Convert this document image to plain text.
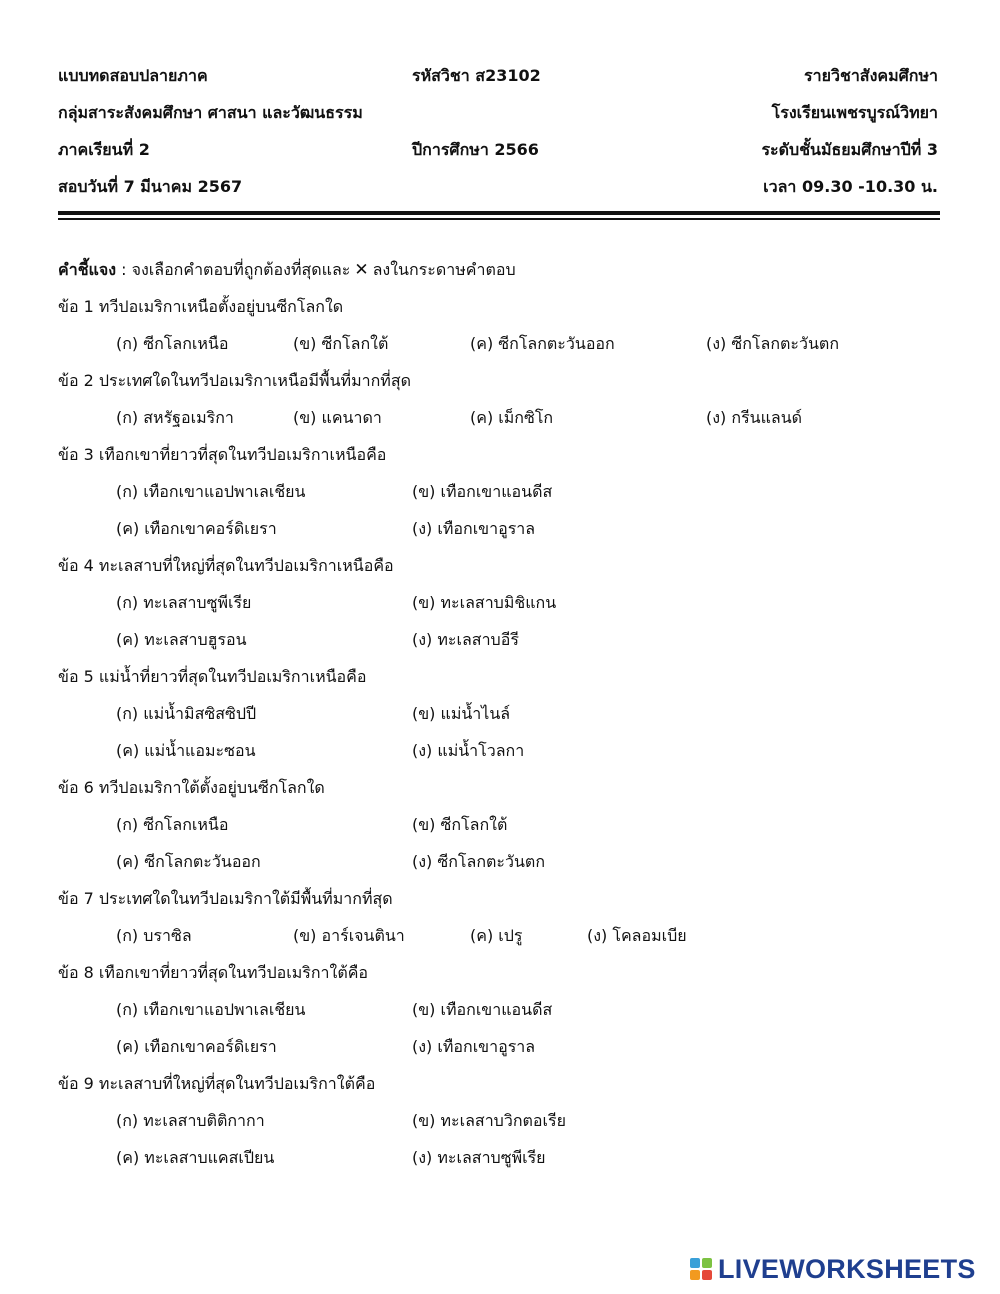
แบบทดสอบปลายภาค	รหัสวิชา ส23102	รายวิชาสังคมศึกษา
กลุ่มสาระสังคมศึกษา ศาสนา และวัฒนธรรม	โรงเรียนเพชรบูรณ์วิทยา
ภาคเรียนที่ 2	ปีการศึกษา 2566	ระดับชั้นมัธยมศึกษาปีที่ 3
สอบวันที่ 7 มีนาคม 2567	เวลา 09.30 -10.30 น.
คำชี้แจง : จงเลือกคำตอบที่ถูกต้องที่สุดและ ✕ ลงในกระดาษคำตอบ
ข้อ 1 ทวีปอเมริกาเหนือตั้งอยู่บนซีกโลกใด
(ก) ซีกโลกเหนือ	(ข) ซีกโลกใต้	(ค) ซีกโลกตะวันออก	(ง) ซีกโลกตะวันตก
ข้อ 2 ประเทศใดในทวีปอเมริกาเหนือมีพื้นที่มากที่สุด
(ก) สหรัฐอเมริกา	(ข) แคนาดา	(ค) เม็กซิโก	(ง) กรีนแลนด์
ข้อ 3 เทือกเขาที่ยาวที่สุดในทวีปอเมริกาเหนือคือ
(ก) เทือกเขาแอปพาเลเชียน	(ข) เทือกเขาแอนดีส
(ค) เทือกเขาคอร์ดิเยรา	(ง) เทือกเขาอูราล
ข้อ 4 ทะเลสาบที่ใหญ่ที่สุดในทวีปอเมริกาเหนือคือ
(ก) ทะเลสาบซูพีเรีย	(ข) ทะเลสาบมิชิแกน
(ค) ทะเลสาบฮูรอน	(ง) ทะเลสาบอีรี
ข้อ 5 แม่น้ำที่ยาวที่สุดในทวีปอเมริกาเหนือคือ
(ก) แม่น้ำมิสซิสซิปปี	(ข) แม่น้ำไนล์
(ค) แม่น้ำแอมะซอน	(ง) แม่น้ำโวลกา
ข้อ 6 ทวีปอเมริกาใต้ตั้งอยู่บนซีกโลกใด
(ก) ซีกโลกเหนือ	(ข) ซีกโลกใต้
(ค) ซีกโลกตะวันออก	(ง) ซีกโลกตะวันตก
ข้อ 7 ประเทศใดในทวีปอเมริกาใต้มีพื้นที่มากที่สุด
(ก) บราซิล	(ข) อาร์เจนตินา	(ค) เปรู	(ง) โคลอมเบีย
ข้อ 8 เทือกเขาที่ยาวที่สุดในทวีปอเมริกาใต้คือ
(ก) เทือกเขาแอปพาเลเชียน	(ข) เทือกเขาแอนดีส
(ค) เทือกเขาคอร์ดิเยรา	(ง) เทือกเขาอูราล
ข้อ 9 ทะเลสาบที่ใหญ่ที่สุดในทวีปอเมริกาใต้คือ
(ก) ทะเลสาบติติกากา	(ข) ทะเลสาบวิกตอเรีย
(ค) ทะเลสาบแคสเปียน	(ง) ทะเลสาบซูพีเรีย
LIVEWORKSHEETS
